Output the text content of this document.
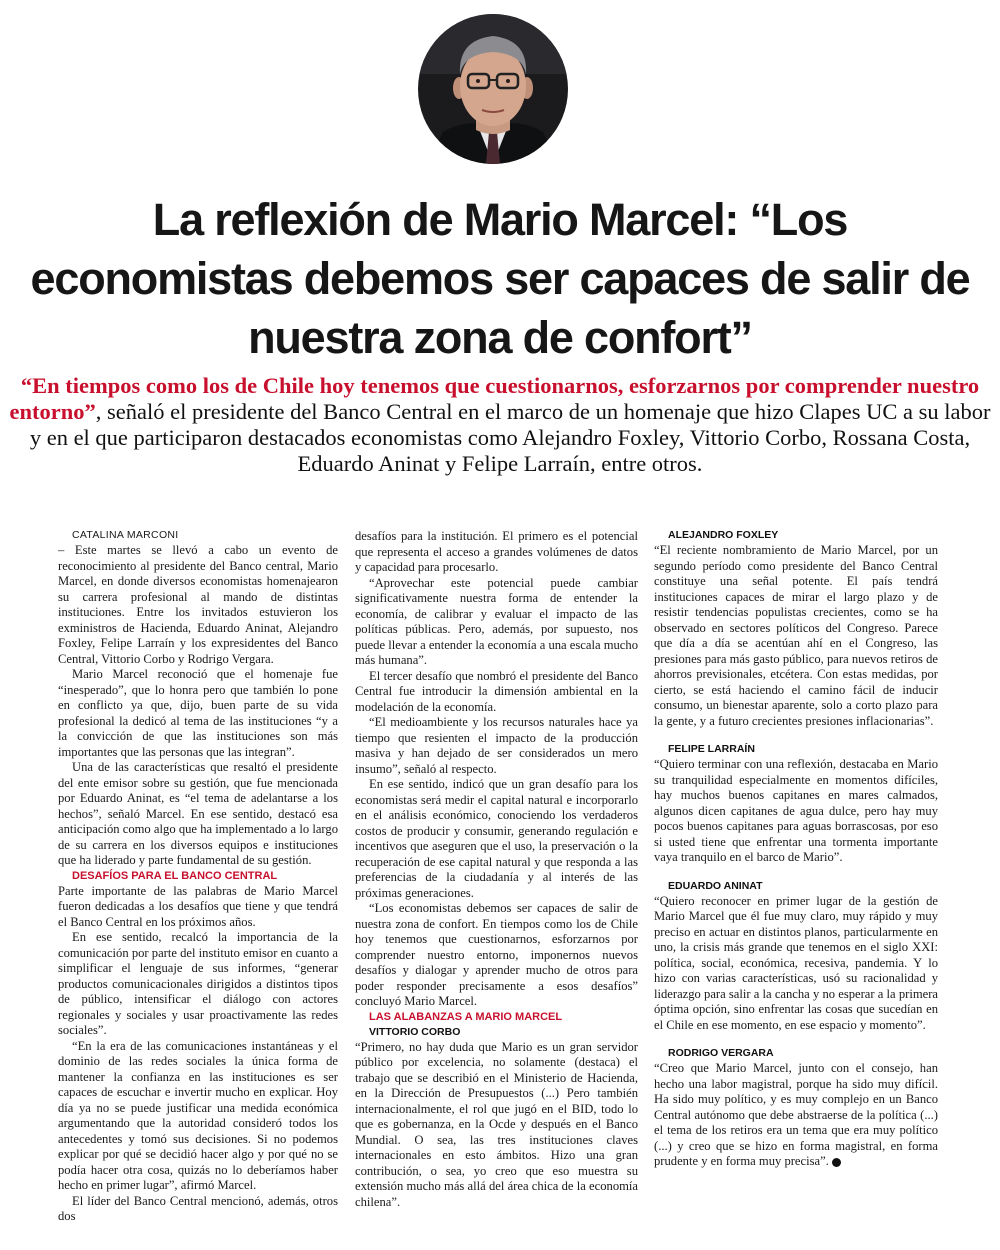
La reflexión de Mario Marcel: “Los economistas debemos ser capaces de salir de nuestra zona de confort”

“En tiempos como los de Chile hoy tenemos que cuestionarnos, esforzarnos por comprender nuestro entorno”, señaló el presidente del Banco Central en el marco de un homenaje que hizo Clapes UC a su labor y en el que participaron destacados economistas como Alejandro Foxley, Vittorio Corbo, Rossana Costa, Eduardo Aninat y Felipe Larraín, entre otros.

CATALINA MARCONI

– Este martes se llevó a cabo un evento de reconocimiento al presidente del Banco central, Mario Marcel, en donde diversos economistas homenajearon su carrera profesional al mando de distintas instituciones. Entre los invitados estuvieron los exministros de Hacienda, Eduardo Aninat, Alejandro Foxley, Felipe Larraín y los expresidentes del Banco Central, Vittorio Corbo y Rodrigo Vergara.

Mario Marcel reconoció que el homenaje fue “inesperado”, que lo honra pero que también lo pone en conflicto ya que, dijo, buen parte de su vida profesional la dedicó al tema de las instituciones “y a la convicción de que las instituciones son más importantes que las personas que las integran”.

Una de las características que resaltó el presidente del ente emisor sobre su gestión, que fue mencionada por Eduardo Aninat, es “el tema de adelantarse a los hechos”, señaló Marcel. En ese sentido, destacó esa anticipación como algo que ha implementado a lo largo de su carrera en los diversos equipos e instituciones que ha liderado y parte fundamental de su gestión.

DESAFÍOS PARA EL BANCO CENTRAL

Parte importante de las palabras de Mario Marcel fueron dedicadas a los desafíos que tiene y que tendrá el Banco Central en los próximos años.

En ese sentido, recalcó la importancia de la comunicación por parte del instituto emisor en cuanto a simplificar el lenguaje de sus informes, “generar productos comunicacionales dirigidos a distintos tipos de público, intensificar el diálogo con actores regionales y sociales y usar proactivamente las redes sociales”.

“En la era de las comunicaciones instantáneas y el dominio de las redes sociales la única forma de mantener la confianza en las instituciones es ser capaces de escuchar e invertir mucho en explicar. Hoy día ya no se puede justificar una medida económica argumentando que la autoridad consideró todos los antecedentes y tomó sus decisiones. Si no podemos explicar por qué se decidió hacer algo y por qué no se podía hacer otra cosa, quizás no lo deberíamos haber hecho en primer lugar”, afirmó Marcel.

El líder del Banco Central mencionó, además, otros dos

desafíos para la institución. El primero es el potencial que representa el acceso a grandes volúmenes de datos y capacidad para procesarlo.

“Aprovechar este potencial puede cambiar significativamente nuestra forma de entender la economía, de calibrar y evaluar el impacto de las políticas públicas. Pero, además, por supuesto, nos puede llevar a entender la economía a una escala mucho más humana”.

El tercer desafío que nombró el presidente del Banco Central fue introducir la dimensión ambiental en la modelación de la economía.

“El medioambiente y los recursos naturales hace ya tiempo que resienten el impacto de la producción masiva y han dejado de ser considerados un mero insumo”, señaló al respecto.

En ese sentido, indicó que un gran desafío para los economistas será medir el capital natural e incorporarlo en el análisis económico, conociendo los verdaderos costos de producir y consumir, generando regulación e incentivos que aseguren que el uso, la preservación o la recuperación de ese capital natural y que responda a las preferencias de la ciudadanía y al interés de las próximas generaciones.

“Los economistas debemos ser capaces de salir de nuestra zona de confort. En tiempos como los de Chile hoy tenemos que cuestionarnos, esforzarnos por comprender nuestro entorno, imponernos nuevos desafíos y dialogar y aprender mucho de otros para poder responder precisamente a esos desafíos” concluyó Mario Marcel.

LAS ALABANZAS A MARIO MARCEL

VITTORIO CORBO

“Primero, no hay duda que Mario es un gran servidor público por excelencia, no solamente (destaca) el trabajo que se describió en el Ministerio de Hacienda, en la Dirección de Presupuestos (...) Pero también internacionalmente, el rol que jugó en el BID, todo lo que es gobernanza, en la Ocde y después en el Banco Mundial. O sea, las tres instituciones claves internacionales en esto ámbitos. Hizo una gran contribución, o sea, yo creo que eso muestra su extensión mucho más allá del área chica de la economía chilena”.

ALEJANDRO FOXLEY

“El reciente nombramiento de Mario Marcel, por un segundo período como presidente del Banco Central constituye una señal potente. El país tendrá instituciones capaces de mirar el largo plazo y de resistir tendencias populistas crecientes, como se ha observado en sectores políticos del Congreso. Parece que día a día se acentúan ahí en el Congreso, las presiones para más gasto público, para nuevos retiros de ahorros previsionales, etcétera. Con estas medidas, por cierto, se está haciendo el camino fácil de inducir consumo, un bienestar aparente, solo a corto plazo para la gente, y a futuro crecientes presiones inflacionarias”.

FELIPE LARRAÍN

“Quiero terminar con una reflexión, destacaba en Mario su tranquilidad especialmente en momentos difíciles, hay muchos buenos capitanes en mares calmados, algunos dicen capitanes de agua dulce, pero hay muy pocos buenos capitanes para aguas borrascosas, por eso si usted tiene que enfrentar una tormenta importante vaya tranquilo en el barco de Mario”.

EDUARDO ANINAT

“Quiero reconocer en primer lugar de la gestión de Mario Marcel que él fue muy claro, muy rápido y muy preciso en actuar en distintos planos, particularmente en uno, la crisis más grande que tenemos en el siglo XXI: política, social, económica, recesiva, pandemia. Y lo hizo con varias características, usó su racionalidad y liderazgo para salir a la cancha y no esperar a la primera óptima opción, sino enfrentar las cosas que sucedían en el Chile en ese momento, en ese espacio y momento”.

RODRIGO VERGARA

“Creo que Mario Marcel, junto con el consejo, han hecho una labor magistral, porque ha sido muy difícil. Ha sido muy político, y es muy complejo en un Banco Central autónomo que debe abstraerse de la política (...) el tema de los retiros era un tema que era muy político (...) y creo que se hizo en forma magistral, en forma prudente y en forma muy precisa”.
